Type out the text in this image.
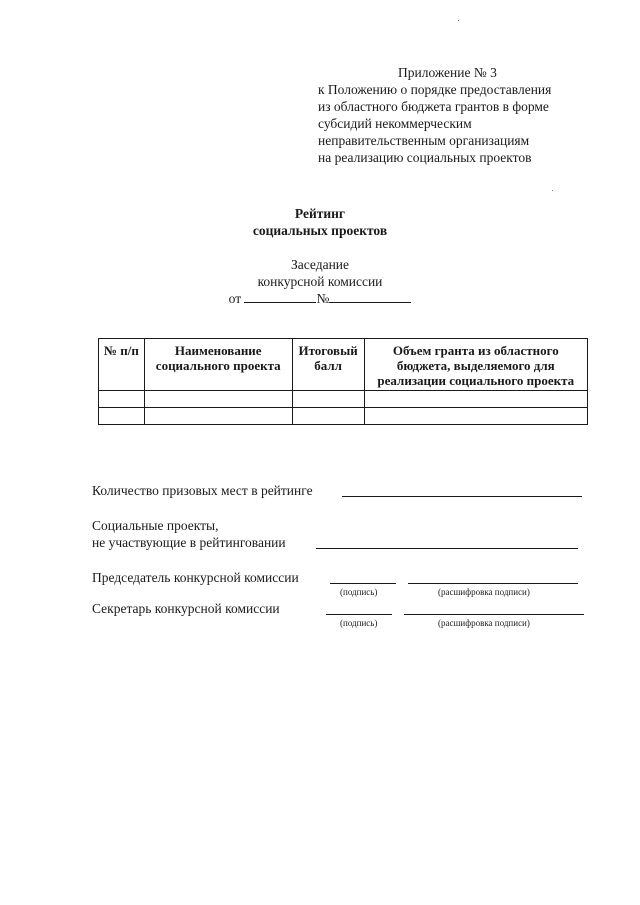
Приложение № 3
к Положению о порядке предоставления
из областного бюджета грантов в форме
субсидий некоммерческим
неправительственным организациям
на реализацию социальных проектов
Рейтинг
социальных проектов
Заседание
конкурсной комиссии
от	№
№ п/п	Наименование социального проекта	Итоговый балл	Объем гранта из областного бюджета, выделяемого для реализации социального проекта

Количество призовых мест в рейтинге
Социальные проекты,
не участвующие в рейтинговании
Председатель конкурсной комиссии
(подпись)	(расшифровка подписи)
Секретарь конкурсной комиссии
(подпись)	(расшифровка подписи)
